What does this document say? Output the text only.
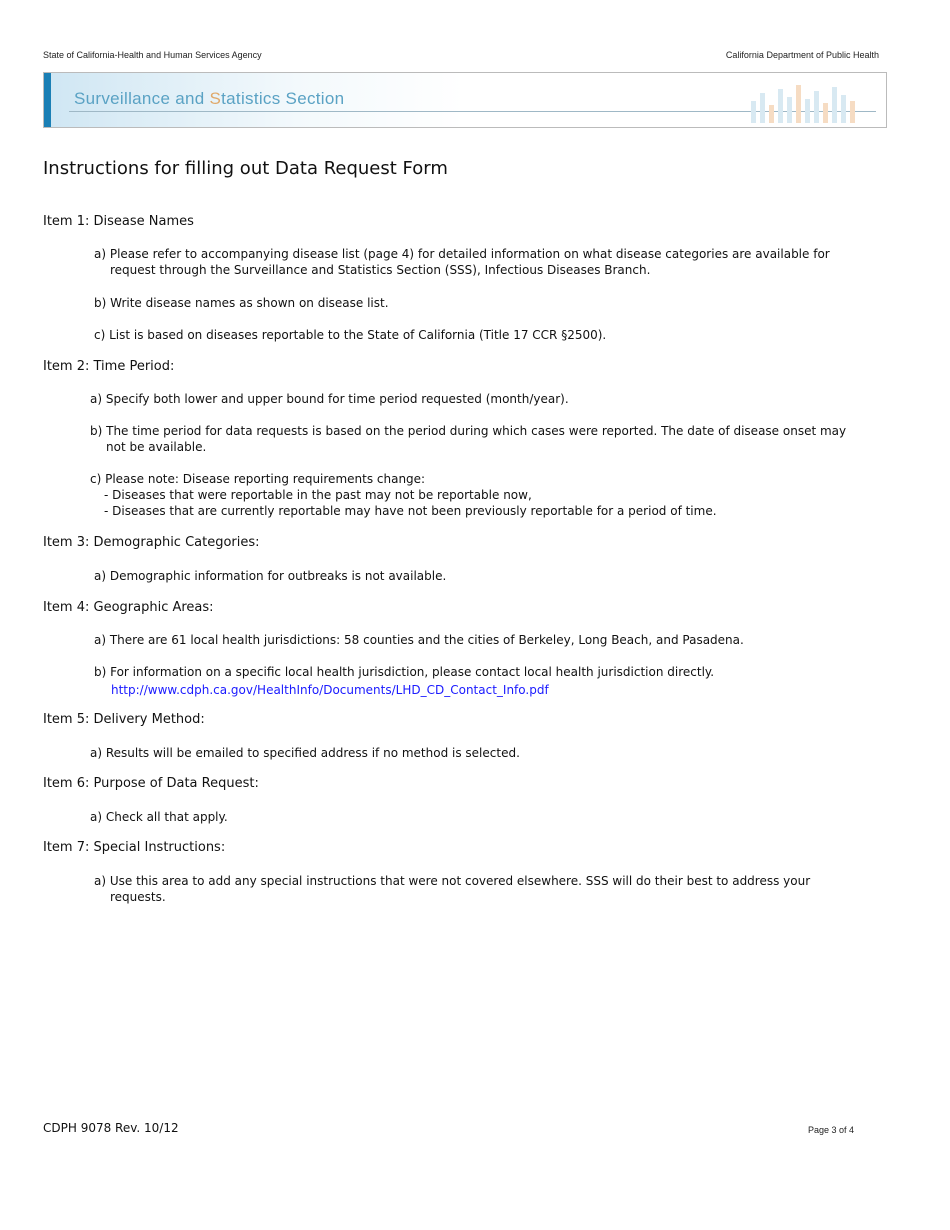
State of California-Health and Human Services Agency	California Department of Public Health
Surveillance and Statistics Section
Instructions for filling out Data Request Form
CDPH 9078 Rev. 10/12	Page 3 of 4
Item 1: Disease Names
a) Please refer to accompanying disease list (page 4) for detailed information on what disease categories are available for
request through the Surveillance and Statistics Section (SSS), Infectious Diseases Branch.
b) Write disease names as shown on disease list.
c) List is based on diseases reportable to the State of California (Title 17 CCR §2500).
Item 2: Time Period:
a) Specify both lower and upper bound for time period requested (month/year).
b) The time period for data requests is based on the period during which cases were reported. The date of disease onset may
not be available.
c) Please note: Disease reporting requirements change:
- Diseases that were reportable in the past may not be reportable now,
- Diseases that are currently reportable may have not been previously reportable for a period of time.
Item 3: Demographic Categories:
a) Demographic information for outbreaks is not available.
Item 4: Geographic Areas:
a) There are 61 local health jurisdictions: 58 counties and the cities of Berkeley, Long Beach, and Pasadena.
b) For information on a specific local health jurisdiction, please contact local health jurisdiction directly.
http://www.cdph.ca.gov/HealthInfo/Documents/LHD_CD_Contact_Info.pdf
Item 5: Delivery Method:
a) Results will be emailed to specified address if no method is selected.
Item 6: Purpose of Data Request:
a) Check all that apply.
Item 7: Special Instructions:
a) Use this area to add any special instructions that were not covered elsewhere. SSS will do their best to address your
requests.
